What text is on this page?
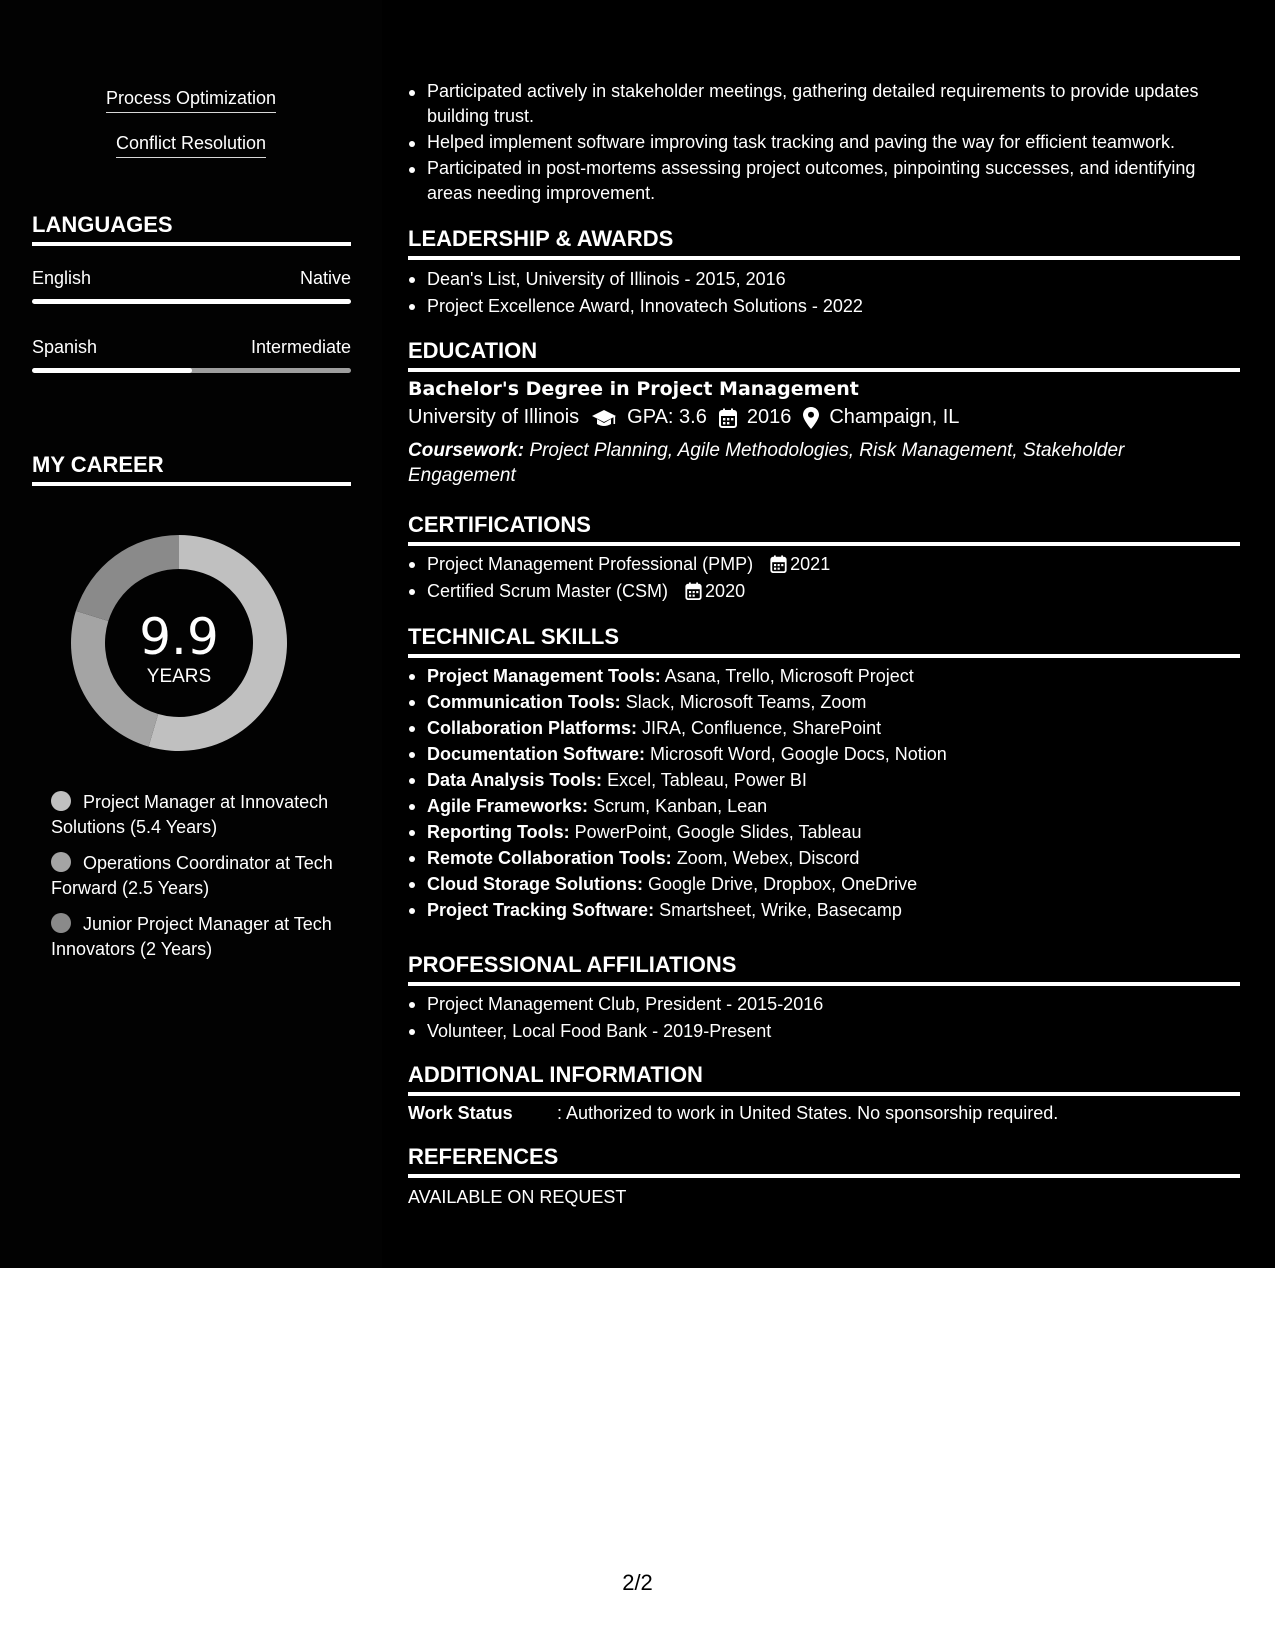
Process Optimization
Conflict Resolution
LANGUAGES
English	Native
Spanish	Intermediate
MY CAREER
9.9
YEARS
Project Manager at Innovatech Solutions (5.4 Years)
Operations Coordinator at Tech Forward (2.5 Years)
Junior Project Manager at Tech Innovators (2 Years)
Participated actively in stakeholder meetings, gathering detailed requirements to provide updates building trust.
Helped implement software improving task tracking and paving the way for efficient teamwork.
Participated in post-mortems assessing project outcomes, pinpointing successes, and identifying areas needing improvement.
LEADERSHIP & AWARDS
Dean's List, University of Illinois - 2015, 2016
Project Excellence Award, Innovatech Solutions - 2022
EDUCATION
Bachelor's Degree in Project Management
University of Illinois GPA: 3.6 2016 Champaign, IL
Coursework: Project Planning, Agile Methodologies, Risk Management, Stakeholder Engagement
CERTIFICATIONS
Project Management Professional (PMP) 2021
Certified Scrum Master (CSM) 2020
TECHNICAL SKILLS
Project Management Tools: Asana, Trello, Microsoft Project
Communication Tools: Slack, Microsoft Teams, Zoom
Collaboration Platforms: JIRA, Confluence, SharePoint
Documentation Software: Microsoft Word, Google Docs, Notion
Data Analysis Tools: Excel, Tableau, Power BI
Agile Frameworks: Scrum, Kanban, Lean
Reporting Tools: PowerPoint, Google Slides, Tableau
Remote Collaboration Tools: Zoom, Webex, Discord
Cloud Storage Solutions: Google Drive, Dropbox, OneDrive
Project Tracking Software: Smartsheet, Wrike, Basecamp
PROFESSIONAL AFFILIATIONS
Project Management Club, President - 2015-2016
Volunteer, Local Food Bank - 2019-Present
ADDITIONAL INFORMATION
Work Status : Authorized to work in United States. No sponsorship required.
REFERENCES
AVAILABLE ON REQUEST
2/2
